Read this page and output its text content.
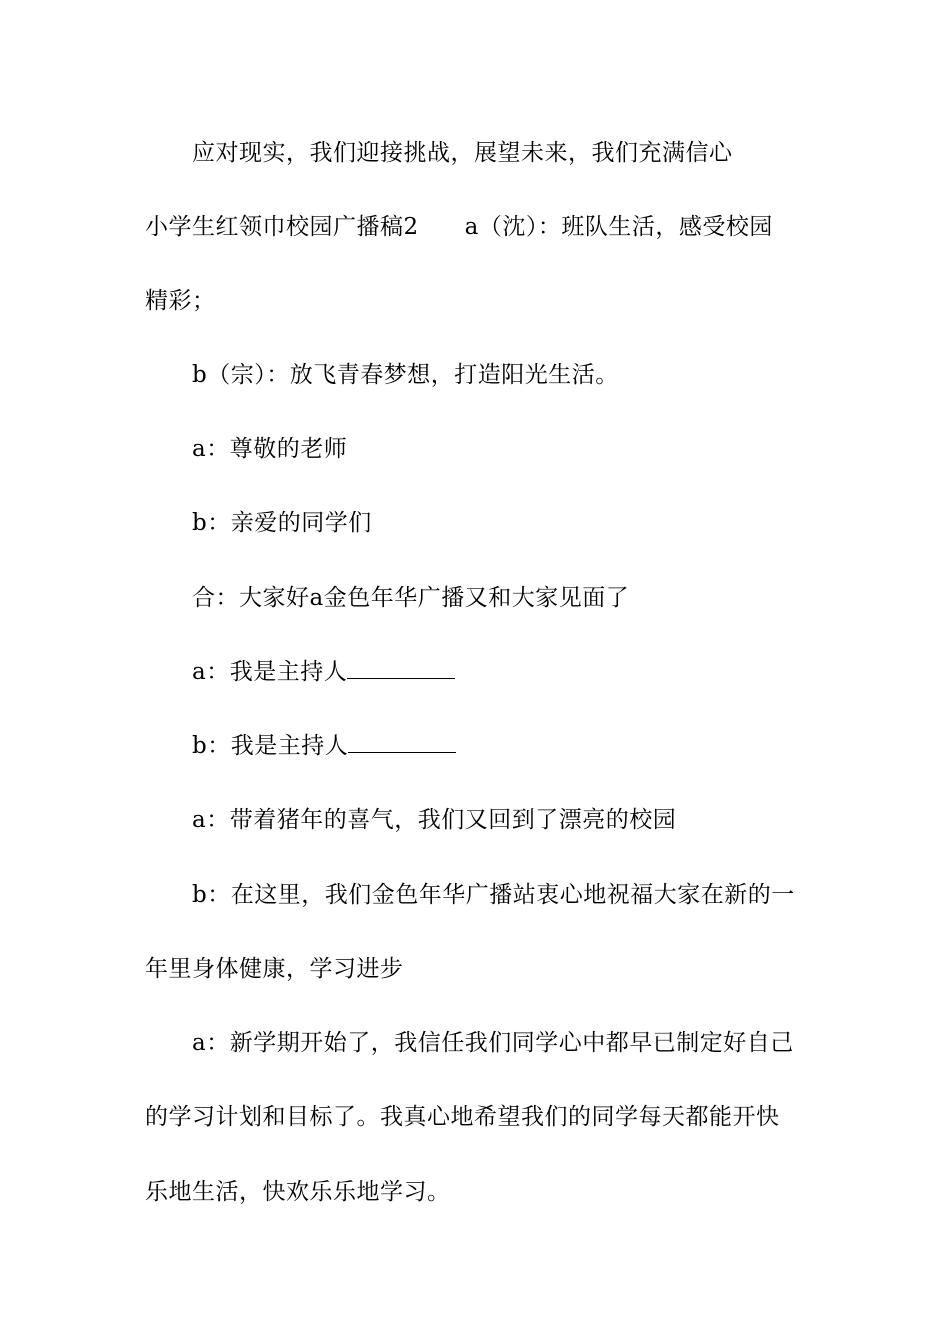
应对现实，我们迎接挑战，展望未来，我们充满信心
小学生红领巾校园广播稿2 a（沈）：班队生活，感受校园
精彩；
b（宗）：放飞青春梦想，打造阳光生活。
a：尊敬的老师
b：亲爱的同学们
合：大家好a金色年华广播又和大家见面了
a：我是主持人
b：我是主持人
a：带着猪年的喜气，我们又回到了漂亮的校园
b：在这里，我们金色年华广播站衷心地祝福大家在新的一
年里身体健康，学习进步
a：新学期开始了，我信任我们同学心中都早已制定好自己
的学习计划和目标了。我真心地希望我们的同学每天都能开快
乐地生活，快欢乐乐地学习。
